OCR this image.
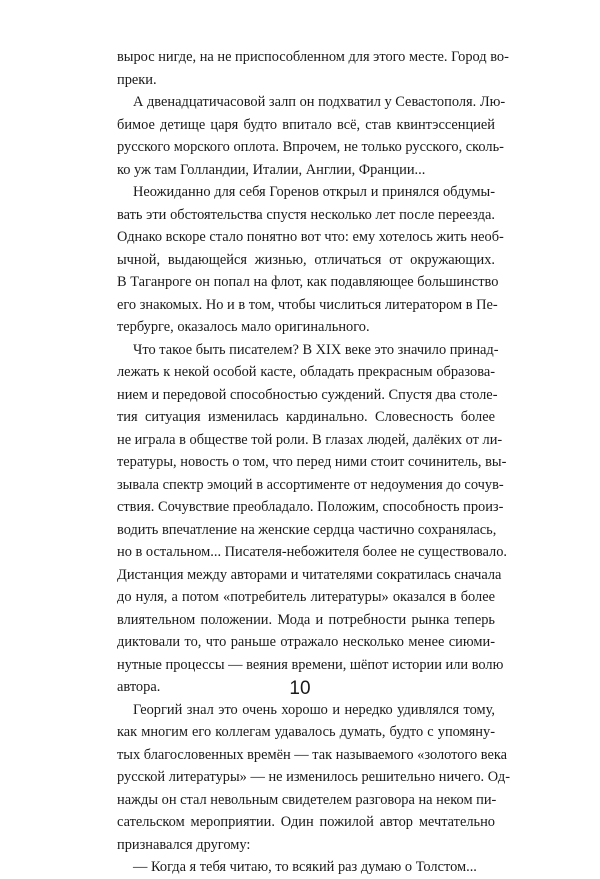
вырос нигде, на не приспособленном для этого месте. Город во-
преки.
А двенадцатичасовой залп он подхватил у Севастополя. Лю-
бимое детище царя будто впитало всё, став квинтэссенцией
русского морского оплота. Впрочем, не только русского, сколь-
ко уж там Голландии, Италии, Англии, Франции...
Неожиданно для себя Горенов открыл и принялся обдумы-
вать эти обстоятельства спустя несколько лет после переезда.
Однако вскоре стало понятно вот что: ему хотелось жить необ-
ычной, выдающейся жизнью, отличаться от окружающих.
В Таганроге он попал на флот, как подавляющее большинство
его знакомых. Но и в том, чтобы числиться литератором в Пе-
тербурге, оказалось мало оригинального.
Что такое быть писателем? В XIX веке это значило принад-
лежать к некой особой касте, обладать прекрасным образова-
нием и передовой способностью суждений. Спустя два столе-
тия ситуация изменилась кардинально. Словесность более
не играла в обществе той роли. В глазах людей, далёких от ли-
тературы, новость о том, что перед ними стоит сочинитель, вы-
зывала спектр эмоций в ассортименте от недоумения до сочув-
ствия. Сочувствие преобладало. Положим, способность произ-
водить впечатление на женские сердца частично сохранялась,
но в остальном... Писателя-небожителя более не существовало.
Дистанция между авторами и читателями сократилась сначала
до нуля, а потом «потребитель литературы» оказался в более
влиятельном положении. Мода и потребности рынка теперь
диктовали то, что раньше отражало несколько менее сиюми-
нутные процессы — веяния времени, шёпот истории или волю
автора.
Георгий знал это очень хорошо и нередко удивлялся тому,
как многим его коллегам удавалось думать, будто с упомяну-
тых благословенных времён — так называемого «золотого века
русской литературы» — не изменилось решительно ничего. Од-
нажды он стал невольным свидетелем разговора на неком пи-
сательском мероприятии. Один пожилой автор мечтательно
признавался другому:
— Когда я тебя читаю, то всякий раз думаю о Толстом...
10
